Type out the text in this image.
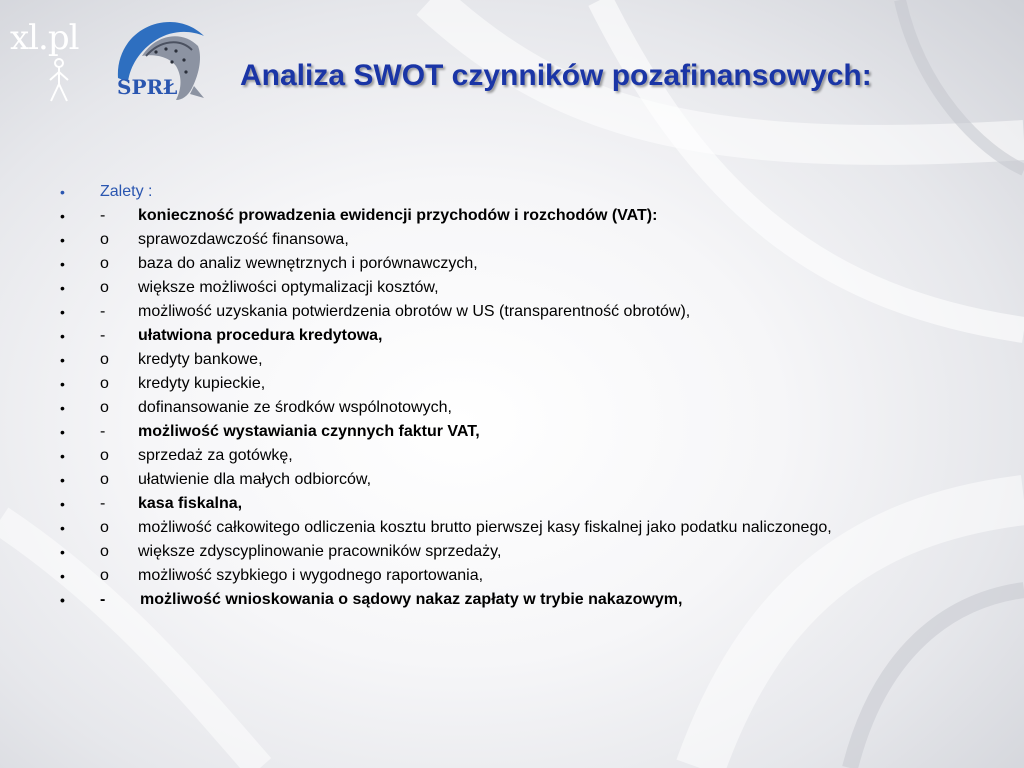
xl.pl
SPRŁ Analiza SWOT czynników pozafinansowych:
• Zalety :
• - konieczność prowadzenia ewidencji przychodów i rozchodów (VAT):
• o sprawozdawczość finansowa,
• o baza do analiz wewnętrznych i porównawczych,
• o większe możliwości optymalizacji kosztów,
• - możliwość uzyskania potwierdzenia obrotów w US (transparentność obrotów),
• - ułatwiona procedura kredytowa,
• o kredyty bankowe,
• o kredyty kupieckie,
• o dofinansowanie ze środków wspólnotowych,
• - możliwość wystawiania czynnych faktur VAT,
• o sprzedaż za gotówkę,
• o ułatwienie dla małych odbiorców,
• - kasa fiskalna,
• o możliwość całkowitego odliczenia kosztu brutto pierwszej kasy fiskalnej jako podatku naliczonego,
• o większe zdyscyplinowanie pracowników sprzedaży,
• o możliwość szybkiego i wygodnego raportowania,
• - możliwość wnioskowania o sądowy nakaz zapłaty w trybie nakazowym,
